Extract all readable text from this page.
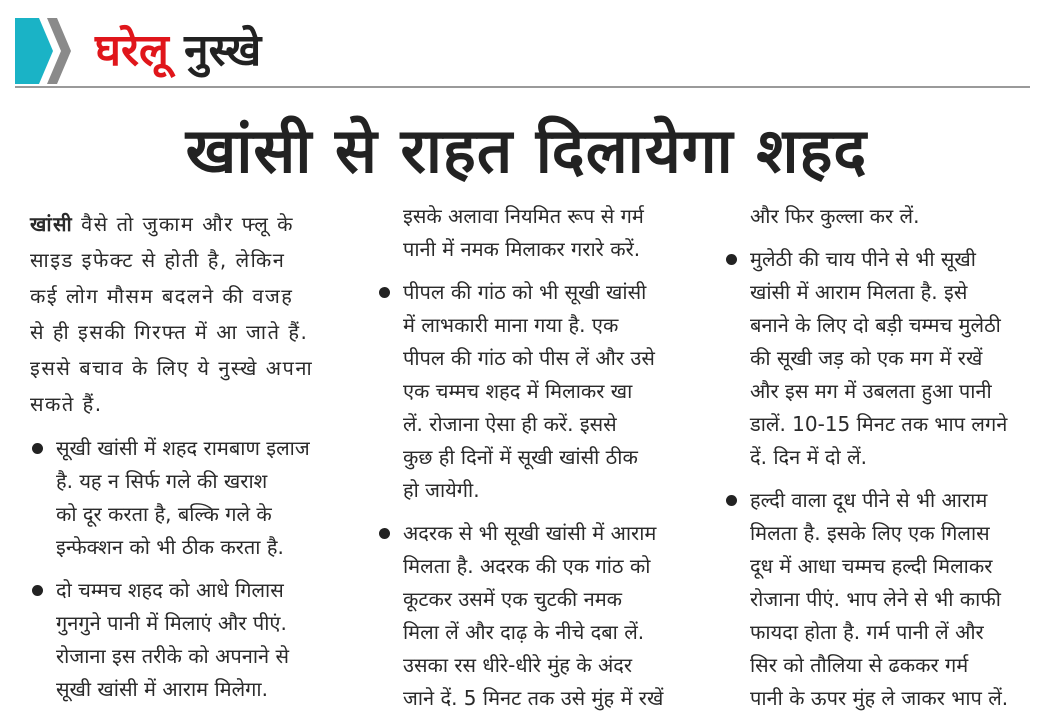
घरेलू नुस्खे
खांसी से राहत दिलायेगा शहद
खांसी वैसे तो जुकाम और फ्लू के
साइड इफेक्ट से होती है, लेकिन
कई लोग मौसम बदलने की वजह
से ही इसकी गिरफ्त में आ जाते हैं.
इससे बचाव के लिए ये नुस्खे अपना
सकते हैं.
सूखी खांसी में शहद रामबाण इलाज
है. यह न सिर्फ गले की खराश
को दूर करता है, बल्कि गले के
इन्फेक्शन को भी ठीक करता है.
दो चम्मच शहद को आधे गिलास
गुनगुने पानी में मिलाएं और पीएं.
रोजाना इस तरीके को अपनाने से
सूखी खांसी में आराम मिलेगा.
इसके अलावा नियमित रूप से गर्म
पानी में नमक मिलाकर गरारे करें.
पीपल की गांठ को भी सूखी खांसी
में लाभकारी माना गया है. एक
पीपल की गांठ को पीस लें और उसे
एक चम्मच शहद में मिलाकर खा
लें. रोजाना ऐसा ही करें. इससे
कुछ ही दिनों में सूखी खांसी ठीक
हो जायेगी.
अदरक से भी सूखी खांसी में आराम
मिलता है. अदरक की एक गांठ को
कूटकर उसमें एक चुटकी नमक
मिला लें और दाढ़ के नीचे दबा लें.
उसका रस धीरे-धीरे मुंह के अंदर
जाने दें. 5 मिनट तक उसे मुंह में रखें
और फिर कुल्ला कर लें.
मुलेठी की चाय पीने से भी सूखी
खांसी में आराम मिलता है. इसे
बनाने के लिए दो बड़ी चम्मच मुलेठी
की सूखी जड़ को एक मग में रखें
और इस मग में उबलता हुआ पानी
डालें. 10-15 मिनट तक भाप लगने
दें. दिन में दो लें.
हल्दी वाला दूध पीने से भी आराम
मिलता है. इसके लिए एक गिलास
दूध में आधा चम्मच हल्दी मिलाकर
रोजाना पीएं. भाप लेने से भी काफी
फायदा होता है. गर्म पानी लें और
सिर को तौलिया से ढककर गर्म
पानी के ऊपर मुंह ले जाकर भाप लें.
